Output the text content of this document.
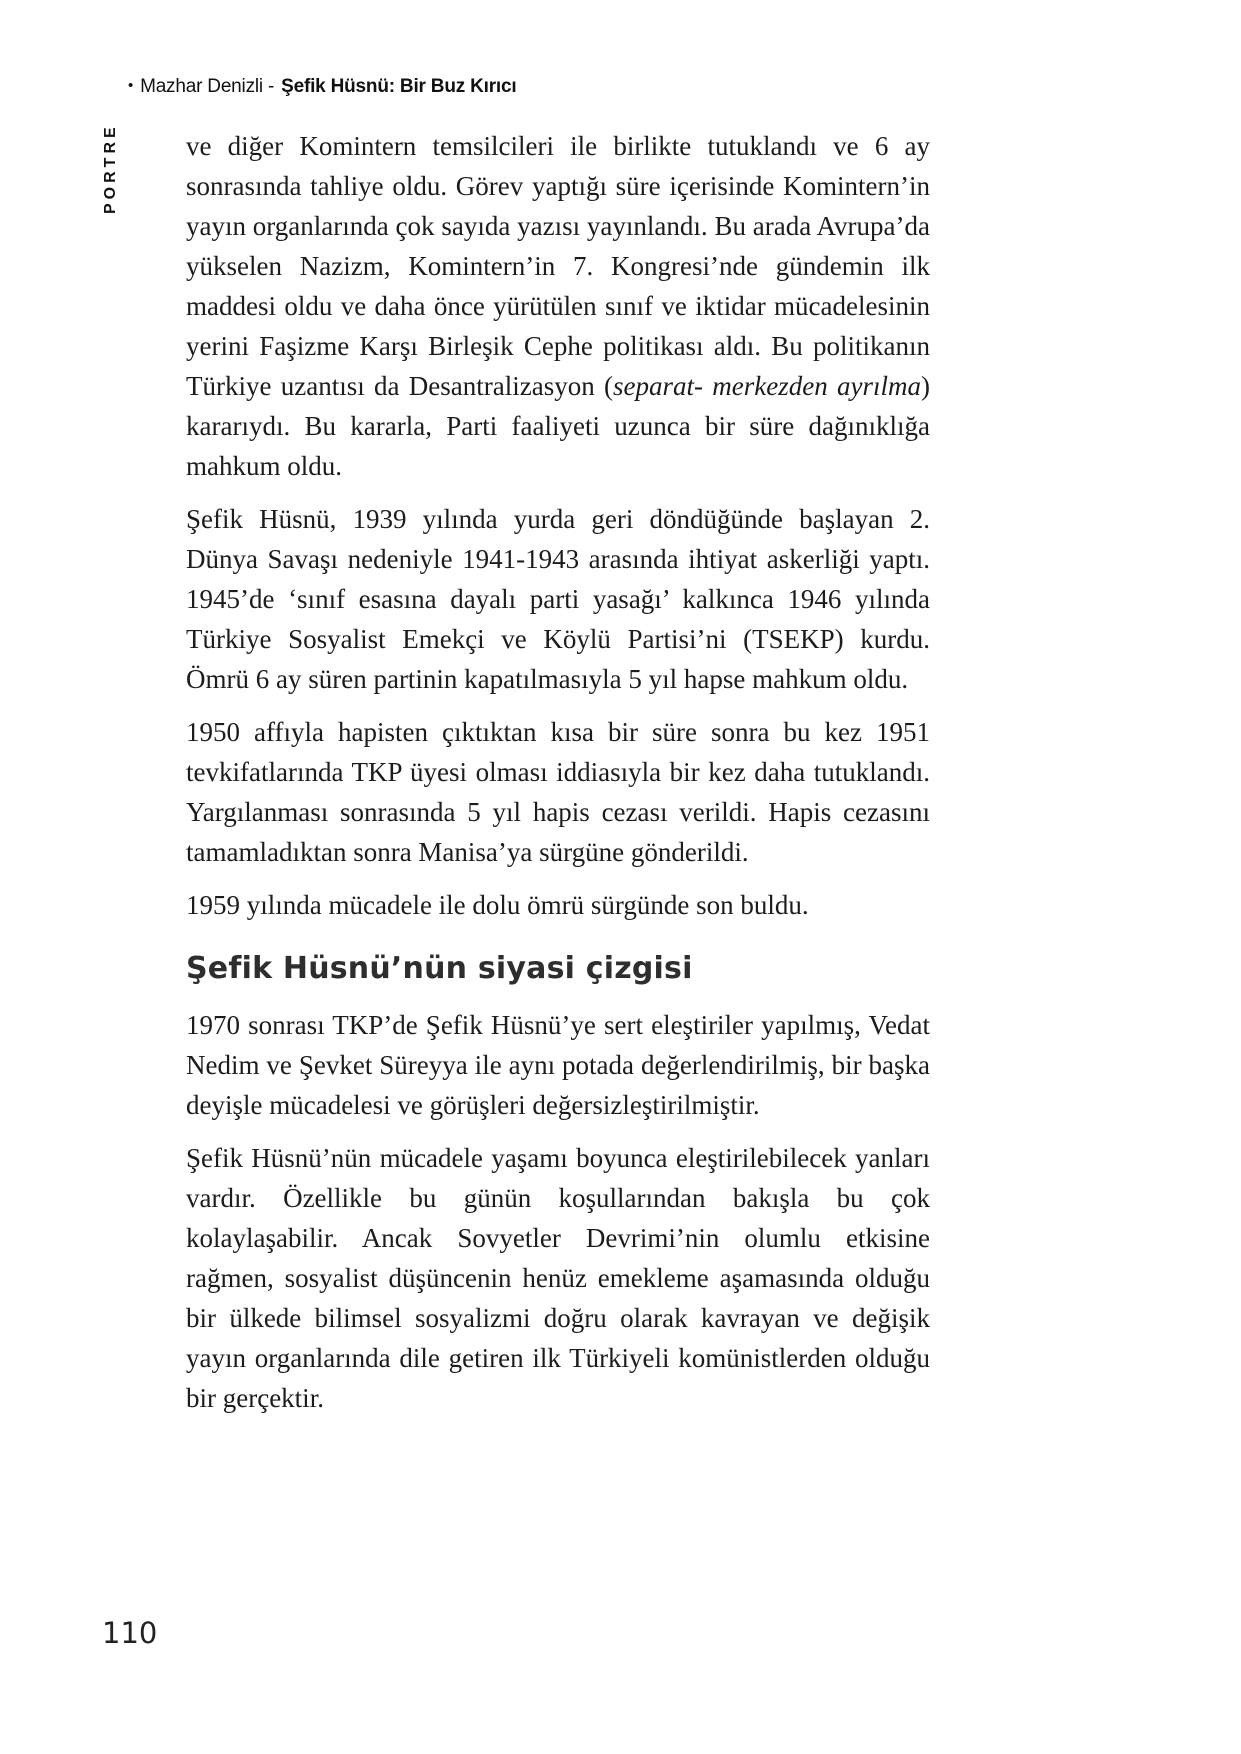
• Mazhar Denizli - Şefik Hüsnü: Bir Buz Kırıcı
PORTRE ve diğer Komintern temsilcileri ile birlikte tutuklandı ve 6 ay sonrasında tahliye oldu. Görev yaptığı süre içerisinde Komintern’in yayın organlarında çok sayıda yazısı yayınlandı. Bu arada Avrupa’da yükselen Nazizm, Komintern’in 7. Kongresi’nde gündemin ilk maddesi oldu ve daha önce yürütülen sınıf ve iktidar mücadelesinin yerini Faşizme Karşı Birleşik Cephe politikası aldı. Bu politikanın Türkiye uzantısı da Desantralizasyon (separat- merkezden ayrılma) kararıydı. Bu kararla, Parti faaliyeti uzunca bir süre dağınıklığa mahkum oldu.

Şefik Hüsnü, 1939 yılında yurda geri döndüğünde başlayan 2. Dünya Savaşı nedeniyle 1941-1943 arasında ihtiyat askerliği yaptı. 1945’de ‘sınıf esasına dayalı parti yasağı’ kalkınca 1946 yılında Türkiye Sosyalist Emekçi ve Köylü Partisi’ni (TSEKP) kurdu. Ömrü 6 ay süren partinin kapatılmasıyla 5 yıl hapse mahkum oldu.

1950 affıyla hapisten çıktıktan kısa bir süre sonra bu kez 1951 tevkifatlarında TKP üyesi olması iddiasıyla bir kez daha tutuklandı. Yargılanması sonrasında 5 yıl hapis cezası verildi. Hapis cezasını tamamladıktan sonra Manisa’ya sürgüne gönderildi.

1959 yılında mücadele ile dolu ömrü sürgünde son buldu.

Şefik Hüsnü’nün siyasi çizgisi

1970 sonrası TKP’de Şefik Hüsnü’ye sert eleştiriler yapılmış, Vedat Nedim ve Şevket Süreyya ile aynı potada değerlendirilmiş, bir başka deyişle mücadelesi ve görüşleri değersizleştirilmiştir.

Şefik Hüsnü’nün mücadele yaşamı boyunca eleştirilebilecek yanları vardır. Özellikle bu günün koşullarından bakışla bu çok kolaylaşabilir. Ancak Sovyetler Devrimi’nin olumlu etkisine rağmen, sosyalist düşüncenin henüz emekleme aşamasında olduğu bir ülkede bilimsel sosyalizmi doğru olarak kavrayan ve değişik yayın organlarında dile getiren ilk Türkiyeli komünistlerden olduğu bir gerçektir.

110
